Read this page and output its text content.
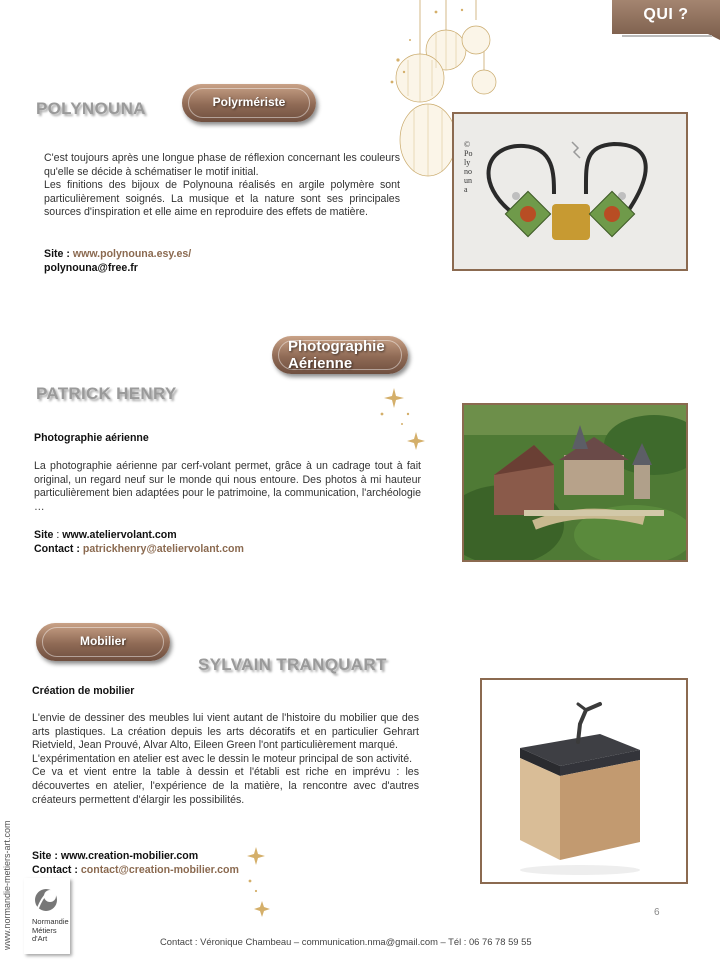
QUI ?
Polyrmériste
POLYNOUNA

C'est toujours après une longue phase de réflexion concernant les couleurs qu'elle se décide à schématiser le motif initial.

Les finitions des bijoux de Polynouna réalisés en argile polymère sont particulièrement soignés. La musique et la nature sont ses principales sources d'inspiration et elle aime en reproduire des effets de matière.

Site : www.polynouna.esy.es/
polynouna@free.fr
©Polynouna
Photographie
Aérienne
PATRICK HENRY
Photographie aérienne
La photographie aérienne par cerf-volant permet, grâce à un cadrage tout à fait original, un regard neuf sur le monde qui nous entoure. Des photos à mi hauteur particulièrement bien adaptées pour le patrimoine, la communication, l'archéologie …
Site : www.ateliervolant.com
Contact : patrickhenry@ateliervolant.com
Mobilier
SYLVAIN TRANQUART
Création de mobilier

L'envie de dessiner des meubles lui vient autant de l'histoire du mobilier que des arts plastiques. La création depuis les arts décoratifs et en particulier Gehrart Rietvield, Jean Prouvé, Alvar Alto, Eileen Green l'ont particulièrement marqué.

L'expérimentation en atelier est avec le dessin le moteur principal de son activité.

Ce va et vient entre la table à dessin et l'établi est riche en imprévu : les découvertes en atelier, l'expérience de la matière, la rencontre avec d'autres créateurs permettent d'élargir les possibilités.

Site : www.creation-mobilier.com
Contact : contact@creation-mobilier.com
www.normandie-metiers-art.com	Normandie
Métiers
d'Art
6
Contact : Véronique Chambeau – communication.nma@gmail.com – Tél : 06 76 78 59 55
